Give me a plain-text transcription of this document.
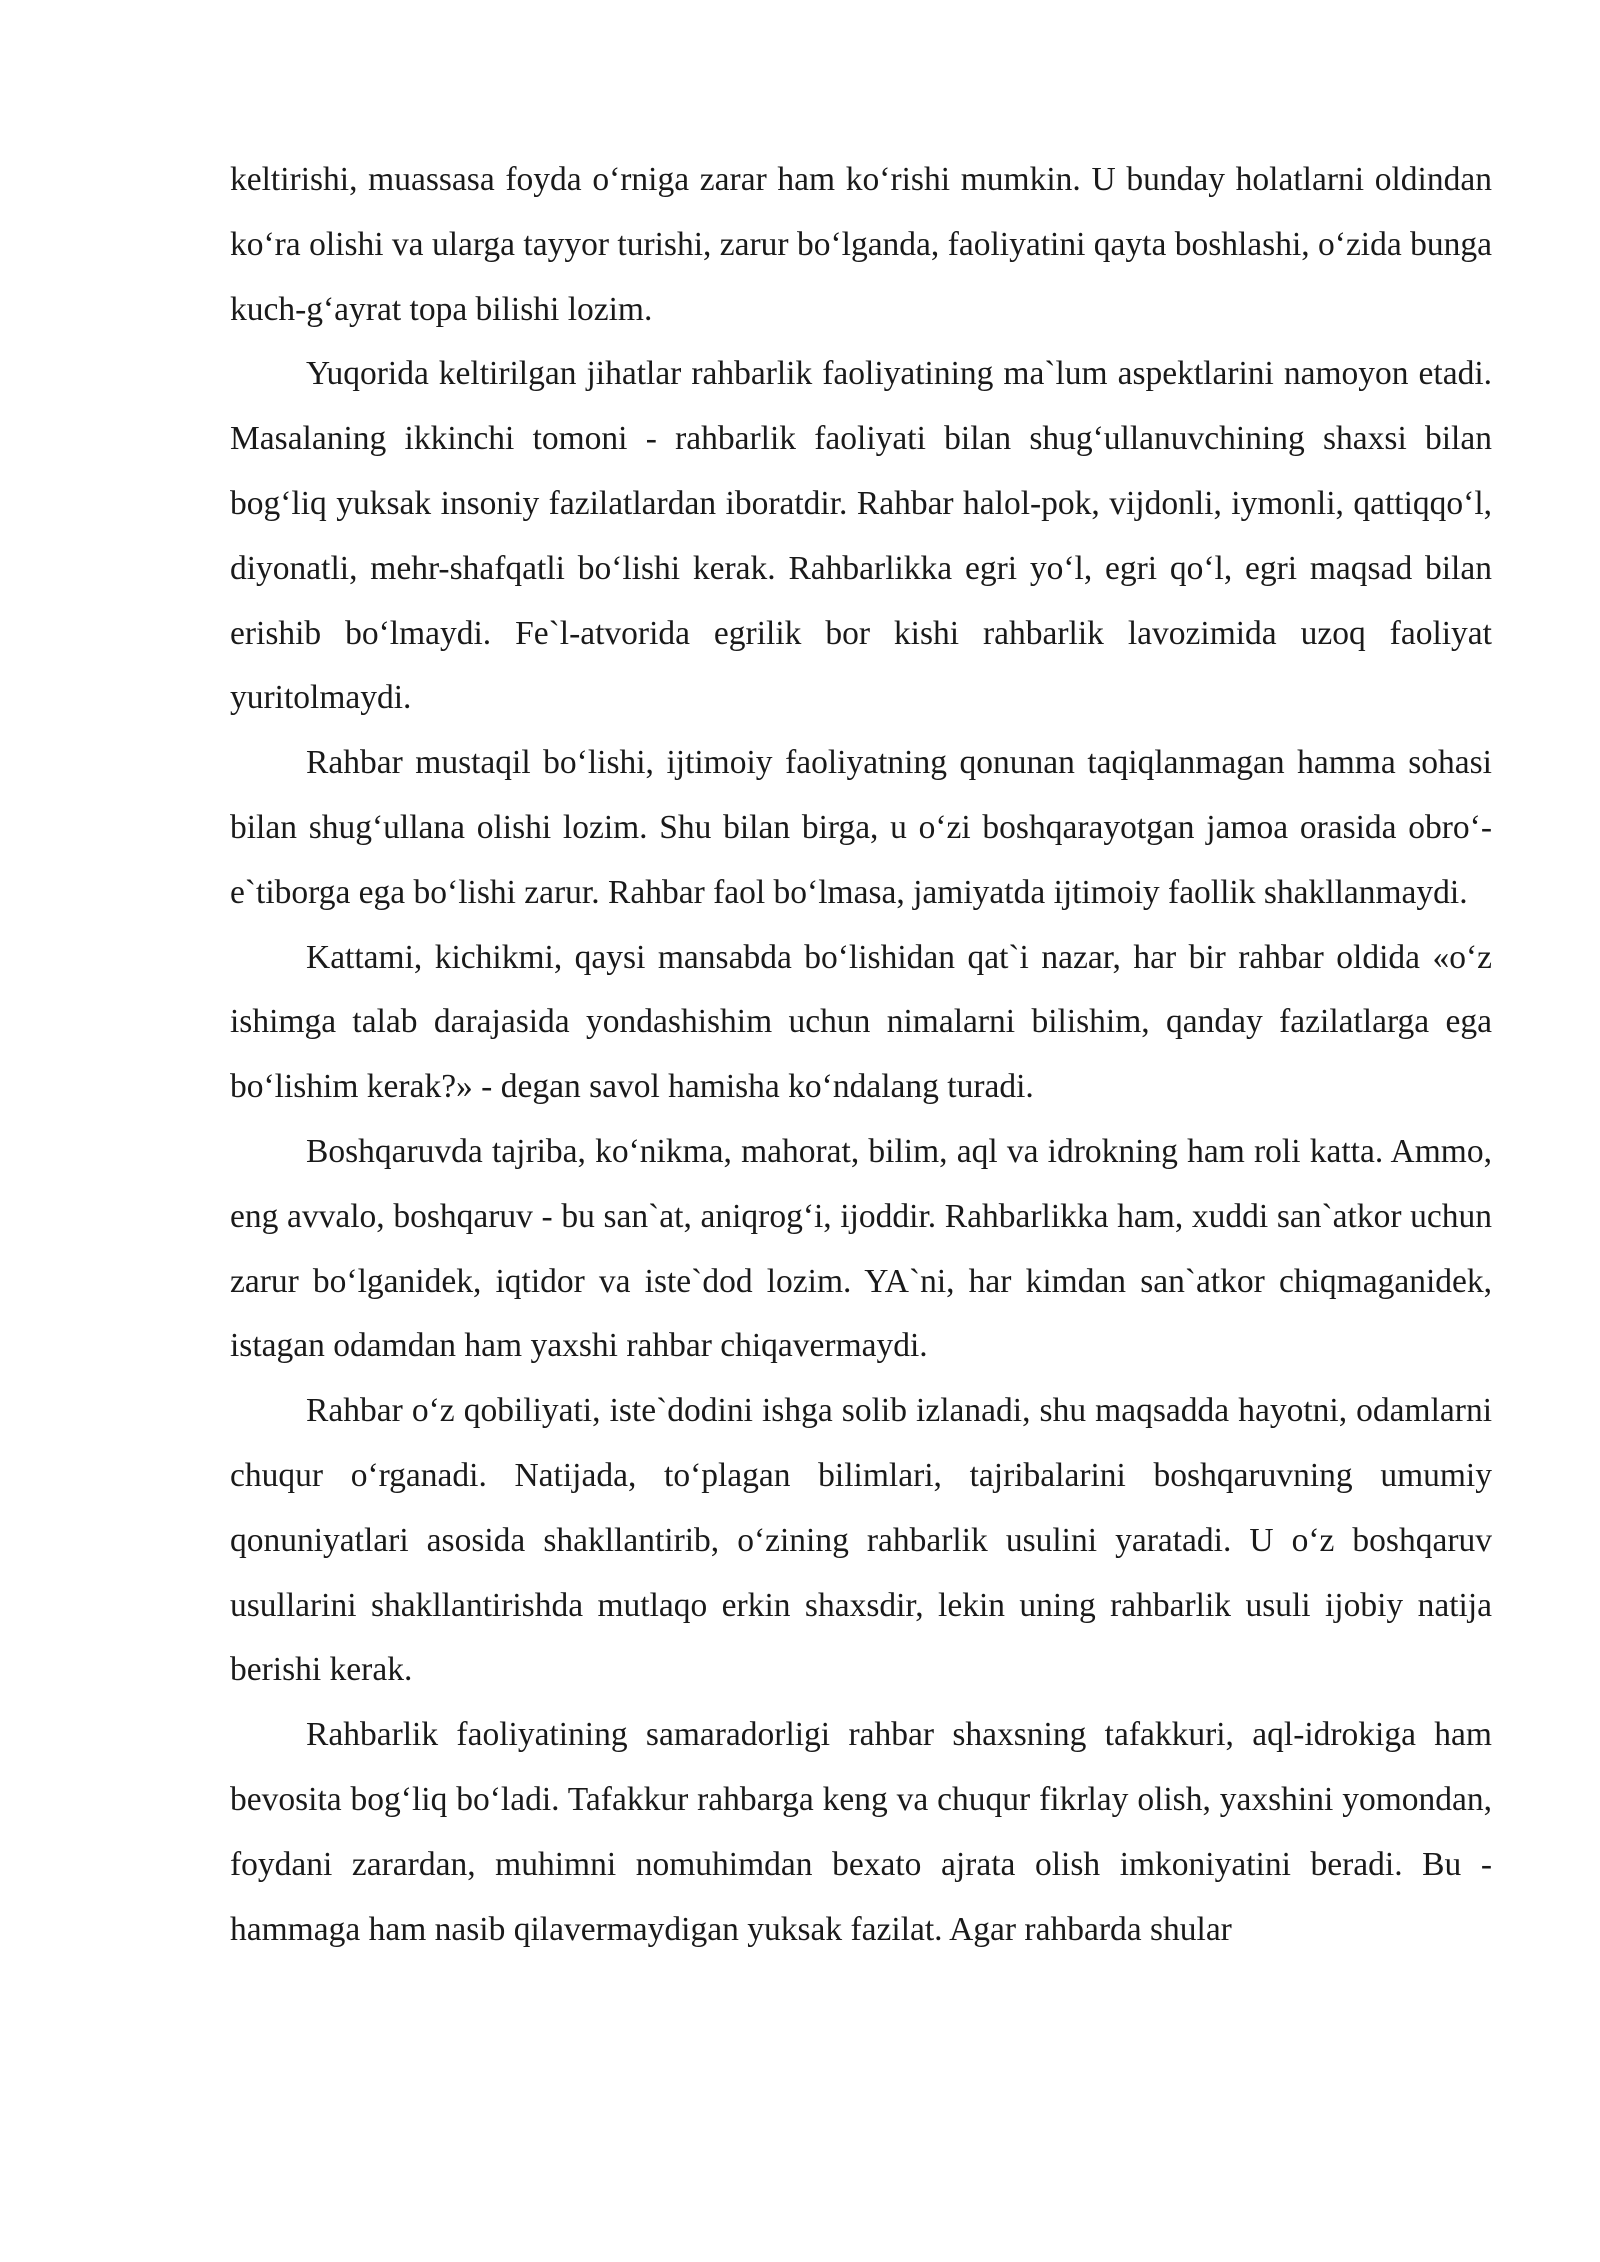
keltirishi, muassasa foyda o‘rniga zarar ham ko‘rishi mumkin. U bunday holatlarni oldindan ko‘ra olishi va ularga tayyor turishi, zarur bo‘lganda, faoliyatini qayta boshlashi, o‘zida bunga kuch-g‘ayrat topa bilishi lozim.

Yuqorida keltirilgan jihatlar rahbarlik faoliyatining ma`lum aspektlarini namoyon etadi. Masalaning ikkinchi tomoni - rahbarlik faoliyati bilan shug‘ullanuvchining shaxsi bilan bog‘liq yuksak insoniy fazilatlardan iboratdir. Rahbar halol-pok, vijdonli, iymonli, qattiqqo‘l, diyonatli, mehr-shafqatli bo‘lishi kerak. Rahbarlikka egri yo‘l, egri qo‘l, egri maqsad bilan erishib bo‘lmaydi. Fe`l-atvorida egrilik bor kishi rahbarlik lavozimida uzoq faoliyat yuritolmaydi.

Rahbar mustaqil bo‘lishi, ijtimoiy faoliyatning qonunan taqiqlanmagan hamma sohasi bilan shug‘ullana olishi lozim. Shu bilan birga, u o‘zi boshqarayotgan jamoa orasida obro‘-e`tiborga ega bo‘lishi zarur. Rahbar faol bo‘lmasa, jamiyatda ijtimoiy faollik shakllanmaydi.

Kattami, kichikmi, qaysi mansabda bo‘lishidan qat`i nazar, har bir rahbar oldida «o‘z ishimga talab darajasida yondashishim uchun nimalarni bilishim, qanday fazilatlarga ega bo‘lishim kerak?» - degan savol hamisha ko‘ndalang turadi.

Boshqaruvda tajriba, ko‘nikma, mahorat, bilim, aql va idrokning ham roli katta. Ammo, eng avvalo, boshqaruv - bu san`at, aniqrog‘i, ijoddir. Rahbarlikka ham, xuddi san`atkor uchun zarur bo‘lganidek, iqtidor va iste`dod lozim. YA`ni, har kimdan san`atkor chiqmaganidek, istagan odamdan ham yaxshi rahbar chiqavermaydi.

Rahbar o‘z qobiliyati, iste`dodini ishga solib izlanadi, shu maqsadda hayotni, odamlarni chuqur o‘rganadi. Natijada, to‘plagan bilimlari, tajribalarini boshqaruvning umumiy qonuniyatlari asosida shakllantirib, o‘zining rahbarlik usulini yaratadi. U o‘z boshqaruv usullarini shakllantirishda mutlaqo erkin shaxsdir, lekin uning rahbarlik usuli ijobiy natija berishi kerak.

Rahbarlik faoliyatining samaradorligi rahbar shaxsning tafakkuri, aql-idrokiga ham bevosita bog‘liq bo‘ladi. Tafakkur rahbarga keng va chuqur fikrlay olish, yaxshini yomondan, foydani zarardan, muhimni nomuhimdan bexato ajrata olish imkoniyatini beradi. Bu - hammaga ham nasib qilavermaydigan yuksak fazilat. Agar rahbarda shular
